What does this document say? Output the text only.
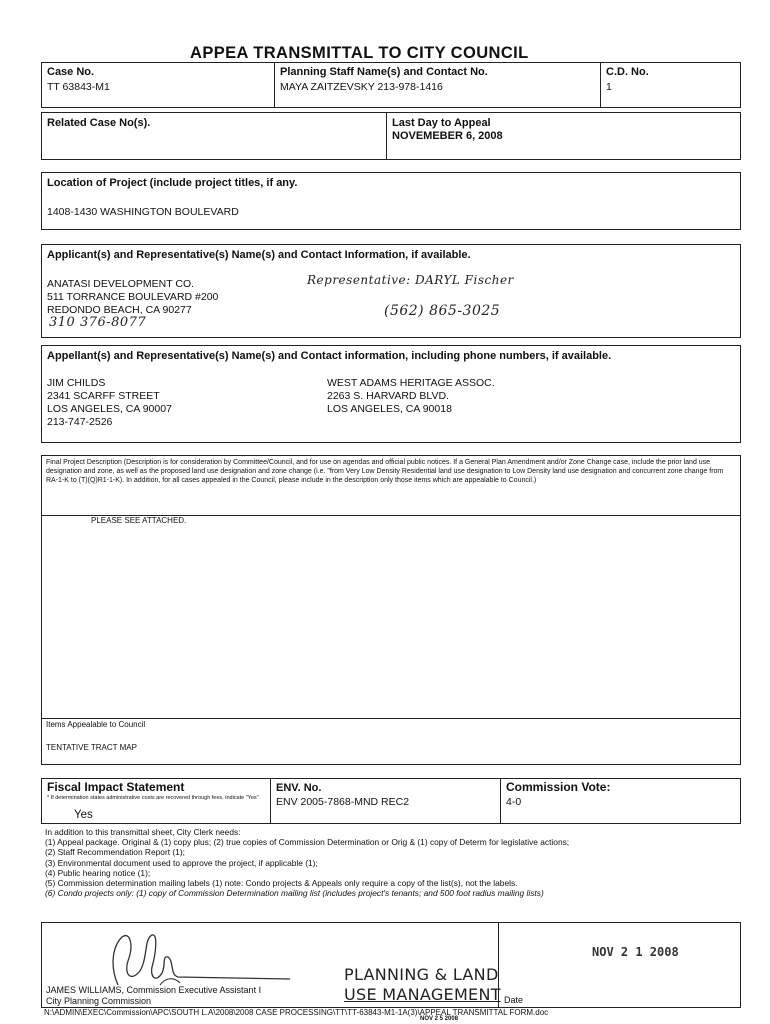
APPEA TRANSMITTAL TO CITY COUNCIL
Case No.
TT 63843-M1
Planning Staff Name(s) and Contact No.
MAYA ZAITZEVSKY 213-978-1416
C.D. No.
1
Related Case No(s).	Last Day to Appeal
NOVEMEBER 6, 2008
Location of Project (include project titles, if any.
1408-1430 WASHINGTON BOULEVARD
Applicant(s) and Representative(s) Name(s) and Contact Information, if available.
ANATASI DEVELOPMENT CO.
511 TORRANCE BOULEVARD #200
REDONDO BEACH, CA 90277
310 376-8077
Representative: DARYL Fischer
(562) 865-3025
Appellant(s) and Representative(s) Name(s) and Contact information, including phone numbers, if available.
JIM CHILDS
2341 SCARFF STREET
LOS ANGELES, CA 90007
213-747-2526
WEST ADAMS HERITAGE ASSOC.
2263 S. HARVARD BLVD.
LOS ANGELES, CA 90018
Final Project Description (Description is for consideration by Committee/Council, and for use on agendas and official public notices. If a General Plan Amendment and/or Zone Change case, include the prior land use designation and zone, as well as the proposed land use designation and zone change (i.e. "from Very Low Density Residential land use designation to Low Density land use designation and concurrent zone change from RA-1-K to (T)(Q)R1-1-K). In addition, for all cases appealed in the Council, please include in the description only those items which are appealable to Council.)
PLEASE SEE ATTACHED.
Items Appealable to Council
TENTATIVE TRACT MAP
Fiscal Impact Statement
* If determination states administrative costs are recovered through fees, indicate "Yes"
Yes
ENV. No.
ENV 2005-7868-MND REC2
Commission Vote:
4-0
In addition to this transmittal sheet, City Clerk needs:
(1) Appeal package. Original & (1) copy plus; (2) true copies of Commission Determination or Orig & (1) copy of Determ for legislative actions;
(2) Staff Recommendation Report (1);
(3) Environmental document used to approve the project, if applicable (1);
(4) Public hearing notice (1);
(5) Commission determination mailing labels (1) note: Condo projects & Appeals only require a copy of the list(s), not the labels.
(6) Condo projects only: (1) copy of Commission Determination mailing list (includes project's tenants; and 500 foot radius mailing lists)
JAMES WILLIAMS, Commission Executive Assistant I
City Planning Commission
PLANNING & LAND
USE MANAGEMENT Date
NOV 2 1 2008
N:\ADMIN\EXEC\Commission\APC\SOUTH L.A\2008\2008 CASE PROCESSING\TT\TT-63843-M1-1A(3)\APPEAL TRANSMITTAL FORM.doc
NOV 2 5 2008
